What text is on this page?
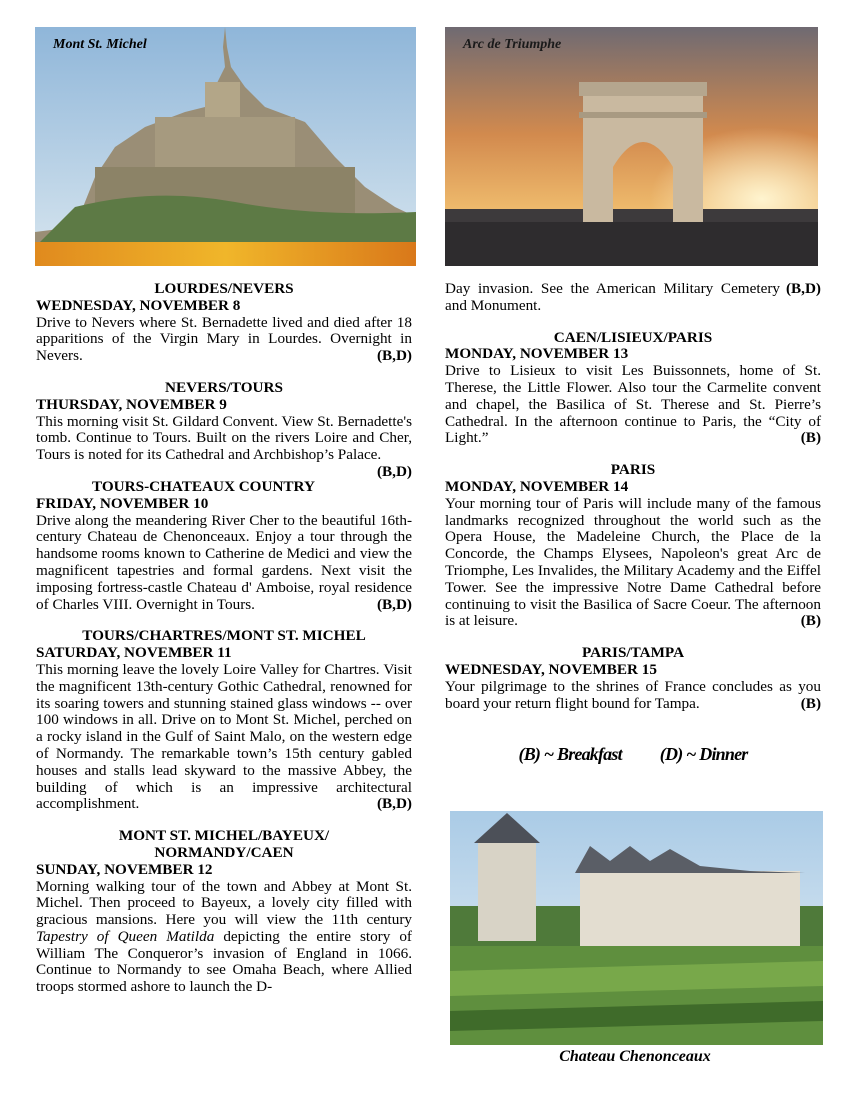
Mont St. Michel	Arc de Triumphe
LOURDES/NEVERS
WEDNESDAY, NOVEMBER 8
Drive to Nevers where St. Bernadette lived and died after 18 apparitions of the Virgin Mary in Lourdes. Overnight in Nevers.	(B,D)
NEVERS/TOURS
THURSDAY, NOVEMBER 9
This morning visit St. Gildard Convent. View St. Bernadette's tomb. Continue to Tours. Built on the rivers Loire and Cher, Tours is noted for its Cathedral and Archbishop’s Palace.
(B,D)
TOURS-CHATEAUX COUNTRY
FRIDAY, NOVEMBER 10
Drive along the meandering River Cher to the beautiful 16th-century Chateau de Chenonceaux. Enjoy a tour through the handsome rooms known to Catherine de Medici and view the magnificent tapestries and formal gardens. Next visit the imposing fortress-castle Chateau d' Amboise, royal residence of Charles VIII. Overnight in Tours.	(B,D)
TOURS/CHARTRES/MONT ST. MICHEL
SATURDAY, NOVEMBER 11
This morning leave the lovely Loire Valley for Chartres. Visit the magnificent 13th-century Gothic Cathedral, renowned for its soaring towers and stunning stained glass windows -- over 100 windows in all. Drive on to Mont St. Michel, perched on a rocky island in the Gulf of Saint Malo, on the western edge of Normandy. The remarkable town’s 15th century gabled houses and stalls lead skyward to the massive Abbey, the building of which is an impressive architectural accomplishment.	(B,D)
MONT ST. MICHEL/BAYEUX/
NORMANDY/CAEN
SUNDAY, NOVEMBER 12
Morning walking tour of the town and Abbey at Mont St. Michel. Then proceed to Bayeux, a lovely city filled with gracious mansions. Here you will view the 11th century Tapestry of Queen Matilda depicting the entire story of William The Conqueror’s invasion of England in 1066. Continue to Normandy to see Omaha Beach, where Allied troops stormed ashore to launch the D-
(B,D)
Day invasion. See the American Military Cemetery and Monument.
CAEN/LISIEUX/PARIS
MONDAY, NOVEMBER 13
Drive to Lisieux to visit Les Buissonnets, home of St. Therese, the Little Flower. Also tour the Carmelite convent and chapel, the Basilica of St. Therese and St. Pierre’s Cathedral. In the afternoon continue to Paris, the “City of Light.”	(B)
PARIS
MONDAY, NOVEMBER 14
Your morning tour of Paris will include many of the famous landmarks recognized throughout the world such as the Opera House, the Madeleine Church, the Place de la Concorde, the Champs Elysees, Napoleon's great Arc de Triomphe, Les Invalides, the Military Academy and the Eiffel Tower. See the impressive Notre Dame Cathedral before continuing to visit the Basilica of Sacre Coeur. The afternoon is at leisure.	(B)
PARIS/TAMPA
WEDNESDAY, NOVEMBER 15
Your pilgrimage to the shrines of France concludes as you board your return flight bound for Tampa.	(B)
(B) ~ Breakfast (D) ~ Dinner
Chateau Chenonceaux
